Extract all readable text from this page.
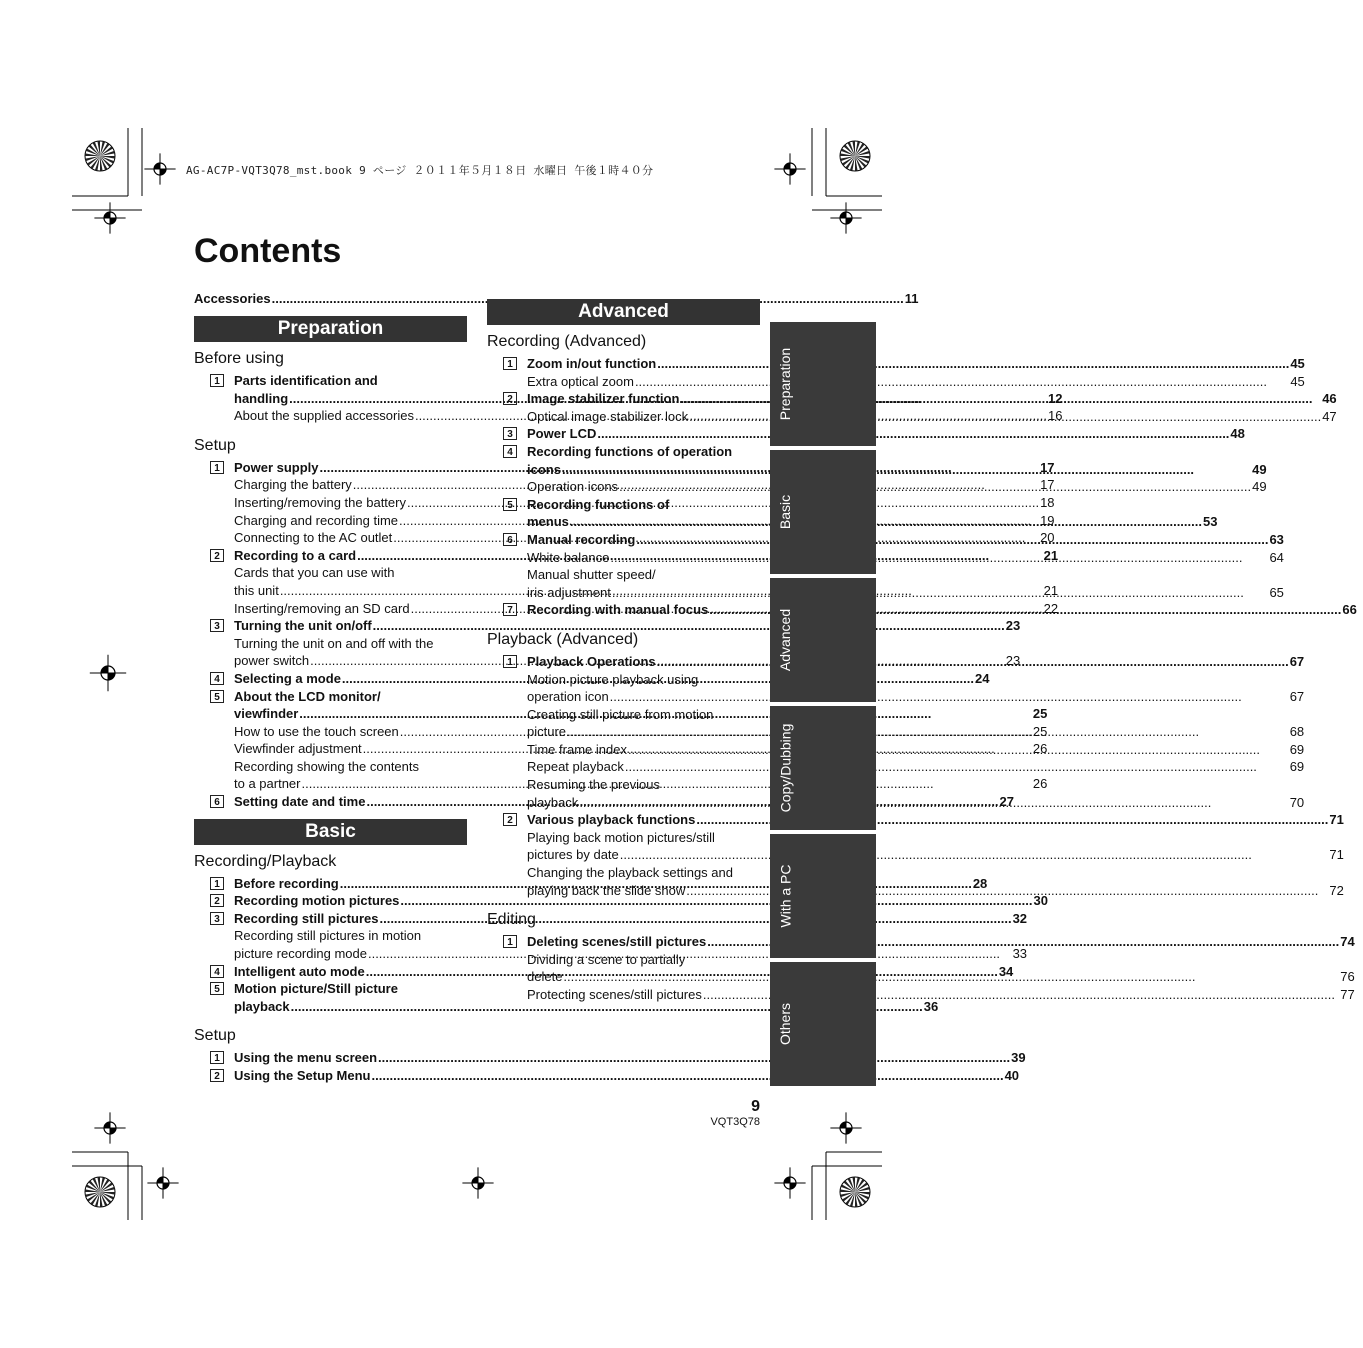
AG-AC7P-VQT3Q78_mst.book 9 ページ ２０１１年５月１８日 水曜日 午後１時４０分
Contents
Accessories .....	11
Preparation
Before using
1	Parts identification and
handling .....	12
About the supplied accessories .....	16
Setup
1	Power supply .....	17
Charging the battery .....	17
Inserting/removing the battery .....	18
Charging and recording time .....	19
Connecting to the AC outlet .....	20
2	Recording to a card .....	21
Cards that you can use with
this unit .....	21
Inserting/removing an SD card .....	22
3	Turning the unit on/off .....	23
Turning the unit on and off with the
power switch .....	23
4	Selecting a mode .....	24
5	About the LCD monitor/
viewfinder .....	25
How to use the touch screen .....	25
Viewfinder adjustment .....	26
Recording showing the contents
to a partner .....	26
6	Setting date and time .....	27
Basic
Recording/Playback
1	Before recording .....	28
2	Recording motion pictures .....	30
3	Recording still pictures .....	32
Recording still pictures in motion
picture recording mode .....	33
4	Intelligent auto mode .....	34
5	Motion picture/Still picture
playback .....	36
Setup
1	Using the menu screen .....	39
2	Using the Setup Menu .....	40
Advanced
Recording (Advanced)
1	Zoom in/out function .....	45
Extra optical zoom .....	45
2	Image stabilizer function .....	46
Optical image stabilizer lock .....	47
3	Power LCD .....	48
4	Recording functions of operation
icons .....	49
Operation icons .....	49
5	Recording functions of
menus .....	53
6	Manual recording .....	63
White balance .....	64
Manual shutter speed/
iris adjustment .....	65
7	Recording with manual focus .....	66
Playback (Advanced)
1	Playback Operations .....	67
Motion picture playback using
operation icon .....	67
Creating still picture from motion
picture .....	68
Time frame index .....	69
Repeat playback .....	69
Resuming the previous
playback .....	70
2	Various playback functions .....	71
Playing back motion pictures/still
pictures by date .....	71
Changing the playback settings and
playing back the slide show .....	72
Editing
1	Deleting scenes/still pictures .....	74
Dividing a scene to partially
delete .....	76
Protecting scenes/still pictures .....	77
Preparation
Basic
Advanced
Copy/Dubbing
With a PC
Others
9
VQT3Q78
